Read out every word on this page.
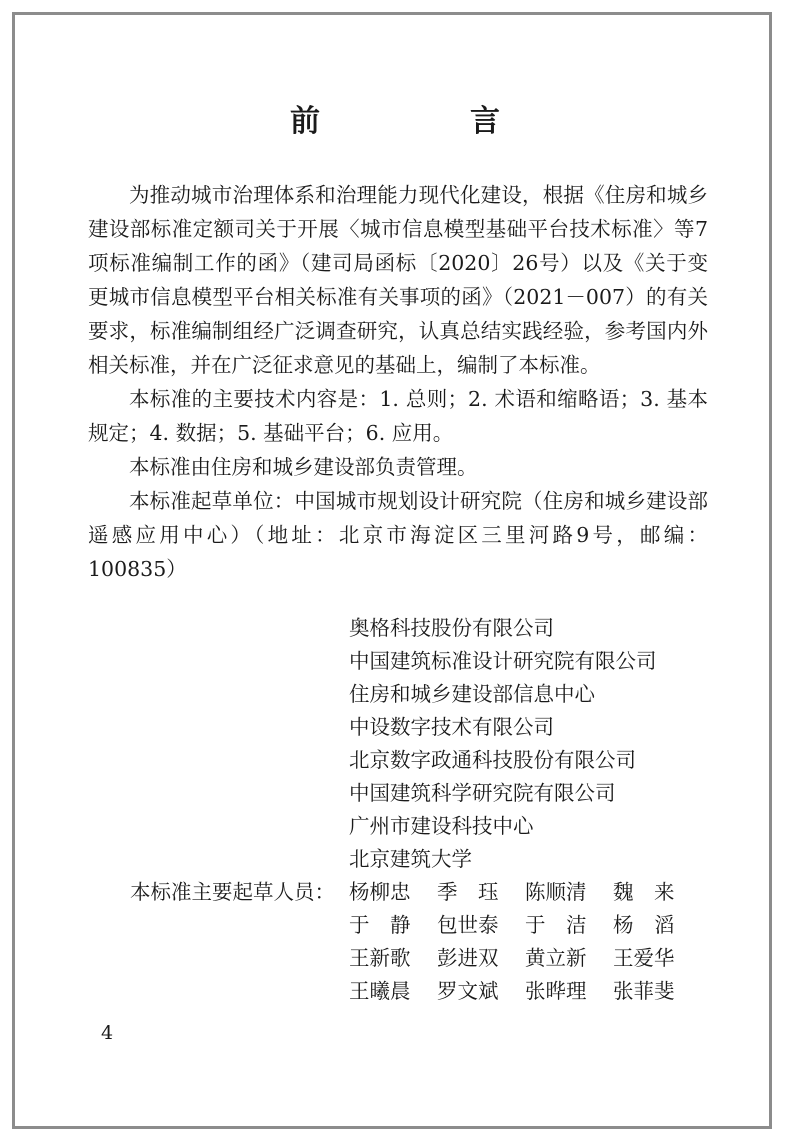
前　言

为推动城市治理体系和治理能力现代化建设，根据《住房和城乡建设部标准定额司关于开展〈城市信息模型基础平台技术标准〉等7项标准编制工作的函》（建司局函标〔2020〕26号）以及《关于变更城市信息模型平台相关标准有关事项的函》（2021－007）的有关要求，标准编制组经广泛调查研究，认真总结实践经验，参考国内外相关标准，并在广泛征求意见的基础上，编制了本标准。

本标准的主要技术内容是：1. 总则；2. 术语和缩略语；3. 基本规定；4. 数据；5. 基础平台；6. 应用。

本标准由住房和城乡建设部负责管理。

本标准起草单位：中国城市规划设计研究院（住房和城乡建设部遥感应用中心）（地址：北京市海淀区三里河路9号，邮编：100835）

奥格科技股份有限公司
中国建筑标准设计研究院有限公司
住房和城乡建设部信息中心
中设数字技术有限公司
北京数字政通科技股份有限公司
中国建筑科学研究院有限公司
广州市建设科技中心
北京建筑大学
本标准主要起草人员： 杨柳忠	季　珏	陈顺清	魏　来
于　静	包世泰	于　洁	杨　滔
王新歌	彭进双	黄立新	王爱华
王曦晨	罗文斌	张晔理	张菲斐
4
